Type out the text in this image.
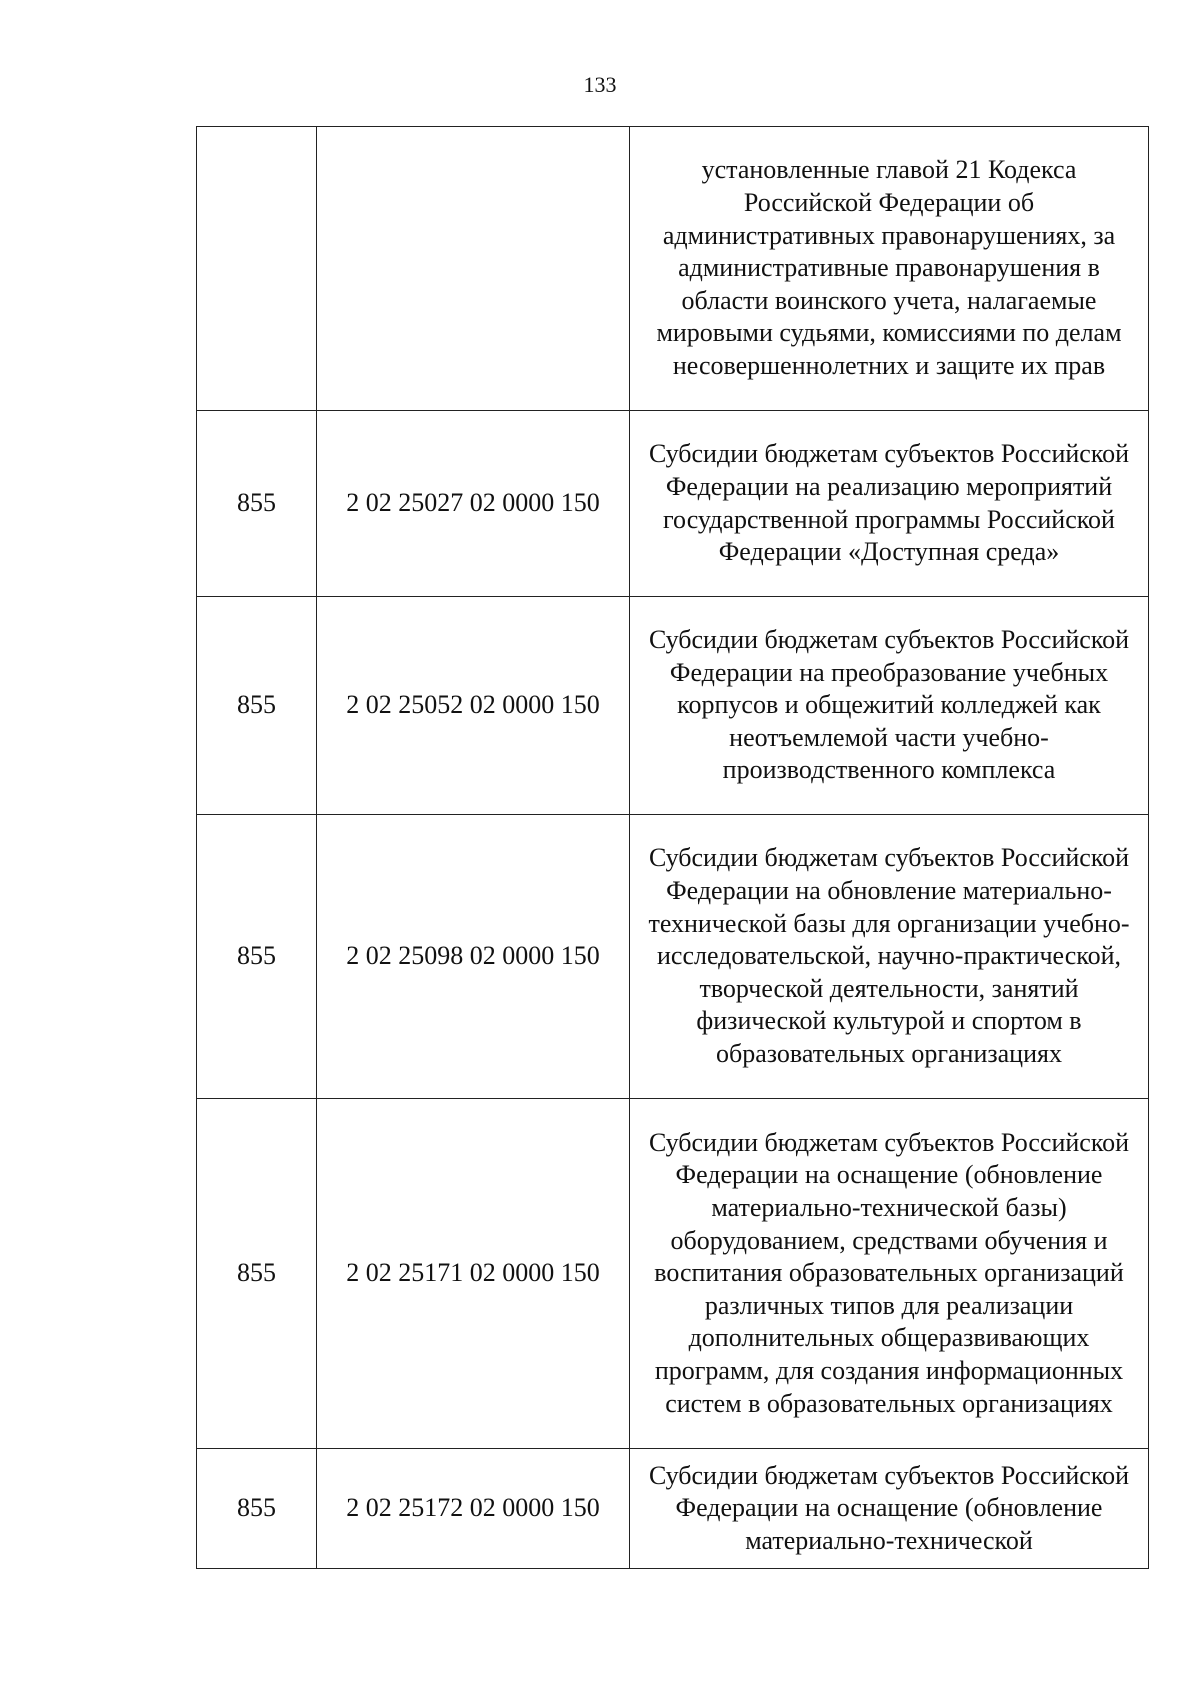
133
		установленные главой 21 Кодекса Российской Федерации об административных правонарушениях, за административные правонарушения в области воинского учета, налагаемые мировыми судьями, комиссиями по делам несовершеннолетних и защите их прав
855	2 02 25027 02 0000 150	Субсидии бюджетам субъектов Российской Федерации на реализацию мероприятий государственной программы Российской Федерации «Доступная среда»
855	2 02 25052 02 0000 150	Субсидии бюджетам субъектов Российской Федерации на преобразование учебных корпусов и общежитий колледжей как неотъемлемой части учебно-производственного комплекса
855	2 02 25098 02 0000 150	Субсидии бюджетам субъектов Российской Федерации на обновление материально-технической базы для организации учебно-исследовательской, научно-практической, творческой деятельности, занятий физической культурой и спортом в образовательных организациях
855	2 02 25171 02 0000 150	Субсидии бюджетам субъектов Российской Федерации на оснащение (обновление материально-технической базы) оборудованием, средствами обучения и воспитания образовательных организаций различных типов для реализации дополнительных общеразвивающих программ, для создания информационных систем в образовательных организациях
855	2 02 25172 02 0000 150	Субсидии бюджетам субъектов Российской Федерации на оснащение (обновление материально-технической
